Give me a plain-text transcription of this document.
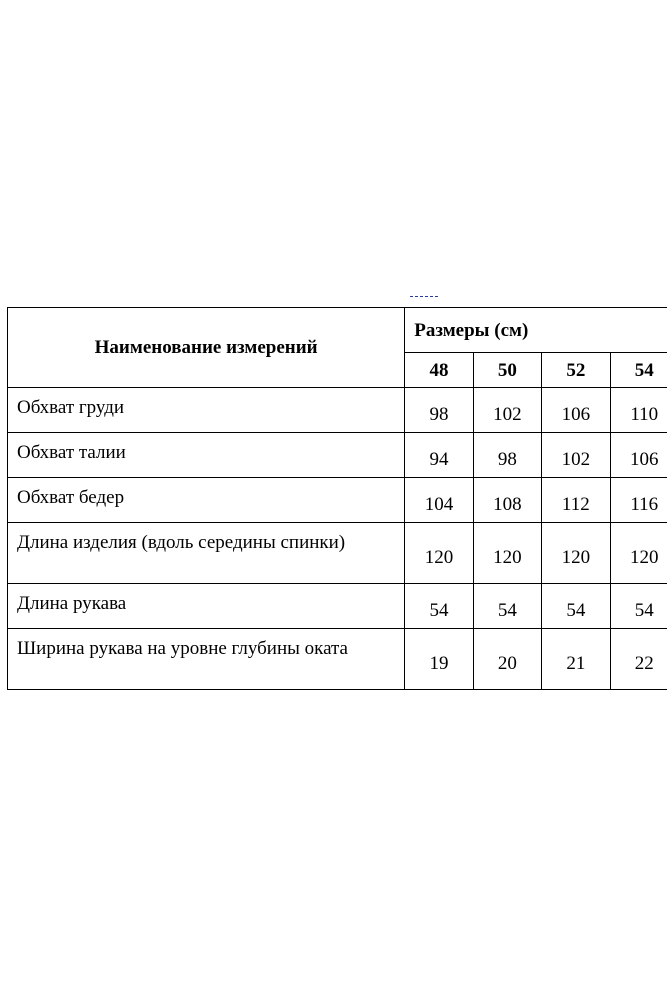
Наименование измерений	Размеры (см)			
	48	50	52	54
Обхват груди	98	102	106	110
Обхват талии	94	98	102	106
Обхват бедер	104	108	112	116
Длина изделия (вдоль середины спинки)	120	120	120	120
Длина рукава	54	54	54	54
Ширина рукава на уровне глубины оката	19	20	21	22
